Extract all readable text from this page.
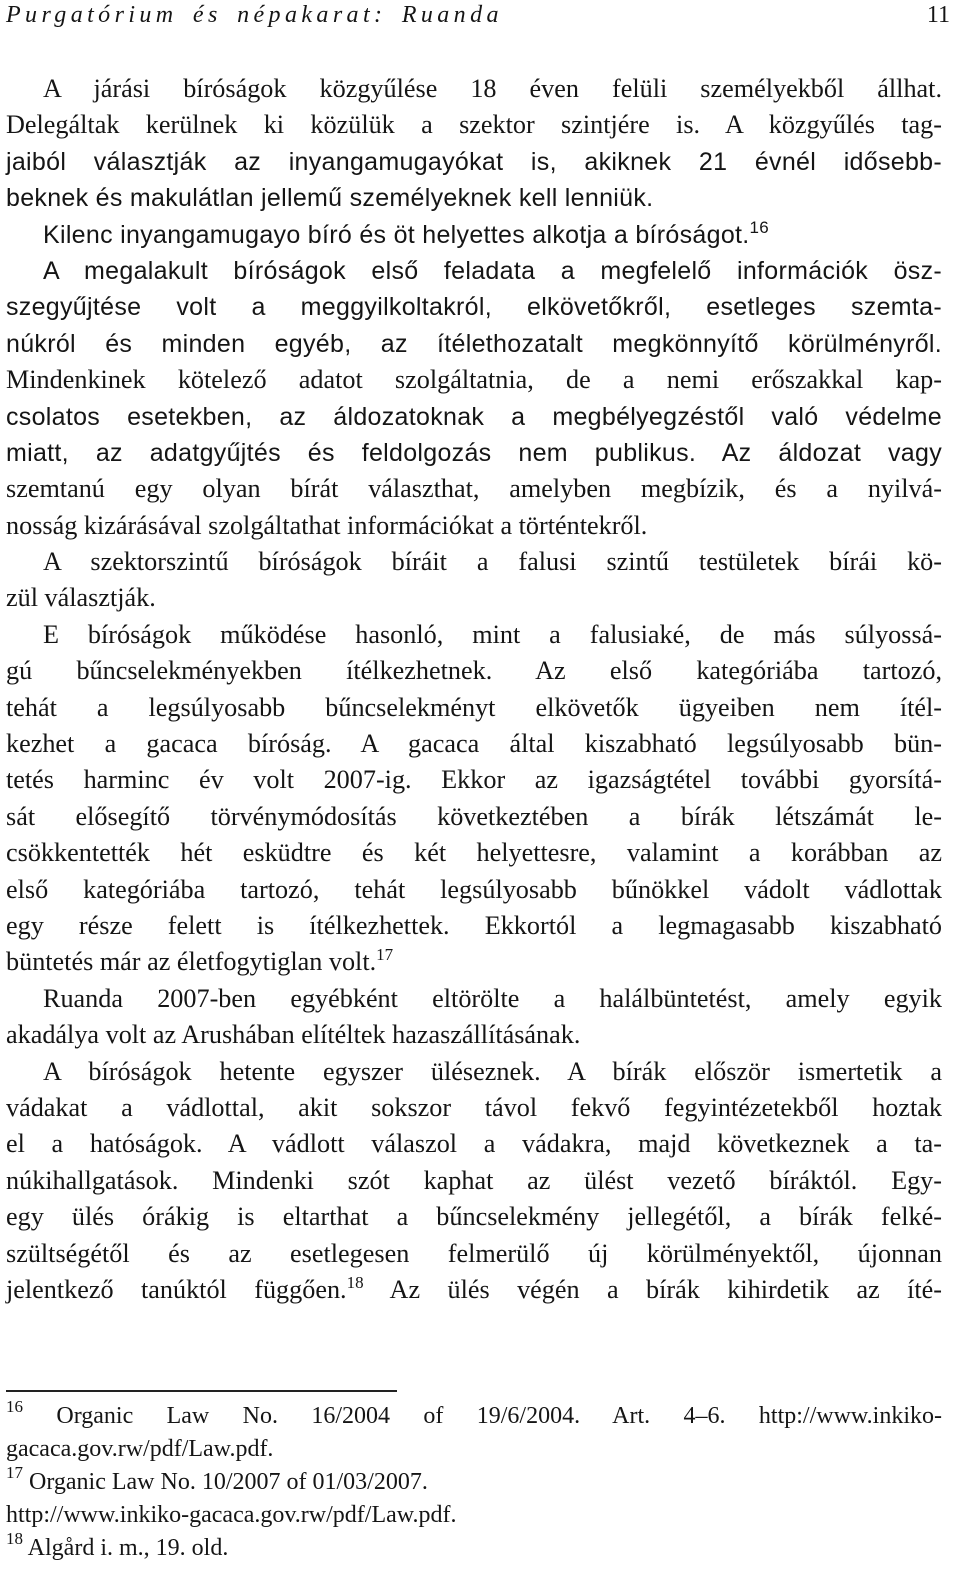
Purgatórium és népakarat: Ruanda	11
A járási bíróságok közgyűlése 18 éven felüli személyekből állhat.
Delegáltak kerülnek ki közülük a szektor szintjére is. A közgyűlés tag-
jaiból választják az inyangamugayókat is, akiknek 21 évnél idősebb-
beknek és makulátlan jellemű személyeknek kell lenniük.
Kilenc inyangamugayo bíró és öt helyettes alkotja a bíróságot.$^{16}$
A megalakult bíróságok első feladata a megfelelő információk ösz-
szegyűjtése volt a meggyilkoltakról, elkövetőkről, esetleges szemta-
núkról és minden egyéb, az ítélethozatalt megkönnyítő körülményről.
Mindenkinek kötelező adatot szolgáltatnia, de a nemi erőszakkal kap-
csolatos esetekben, az áldozatoknak a megbélyegzéstől való védelme
miatt, az adatgyűjtés és feldolgozás nem publikus. Az áldozat vagy
szemtanú egy olyan bírát választhat, amelyben megbízik, és a nyilvá-
nosság kizárásával szolgáltathat információkat a történtekről.
A szektorszintű bíróságok bíráit a falusi szintű testületek bírái kö-
zül választják.
E bíróságok működése hasonló, mint a falusiaké, de más súlyossá-
gú bűncselekményekben ítélkezhetnek. Az első kategóriába tartozó,
tehát a legsúlyosabb bűncselekményt elkövetők ügyeiben nem ítél-
kezhet a gacaca bíróság. A gacaca által kiszabható legsúlyosabb bün-
tetés harminc év volt 2007-ig. Ekkor az igazságtétel további gyorsítá-
sát elősegítő törvénymódosítás következtében a bírák létszámát le-
csökkentették hét esküdtre és két helyettesre, valamint a korábban az
első kategóriába tartozó, tehát legsúlyosabb bűnökkel vádolt vádlottak
egy része felett is ítélkezhettek. Ekkortól a legmagasabb kiszabható
büntetés már az életfogytiglan volt.$^{17}$
Ruanda 2007-ben egyébként eltörölte a halálbüntetést, amely egyik
akadálya volt az Arushában elítéltek hazaszállításának.
A bíróságok hetente egyszer üléseznek. A bírák először ismertetik a
vádakat a vádlottal, akit sokszor távol fekvő fegyintézetekből hoztak
el a hatóságok. A vádlott válaszol a vádakra, majd következnek a ta-
núkihallgatások. Mindenki szót kaphat az ülést vezető bíráktól. Egy-
egy ülés órákig is eltarthat a bűncselekmény jellegétől, a bírák felké-
szültségétől és az esetlegesen felmerülő új körülményektől, újonnan
jelentkező tanúktól függően.$^{18}$ Az ülés végén a bírák kihirdetik az íté-
$^{16}$ Organic Law No. 16/2004 of 19/6/2004. Art. 4–6. http://www.inkiko-
gacaca.gov.rw/pdf/Law.pdf.
$^{17}$ Organic Law No. 10/2007 of 01/03/2007.
http://www.inkiko-gacaca.gov.rw/pdf/Law.pdf.
$^{18}$ Algård i. m., 19. old.
